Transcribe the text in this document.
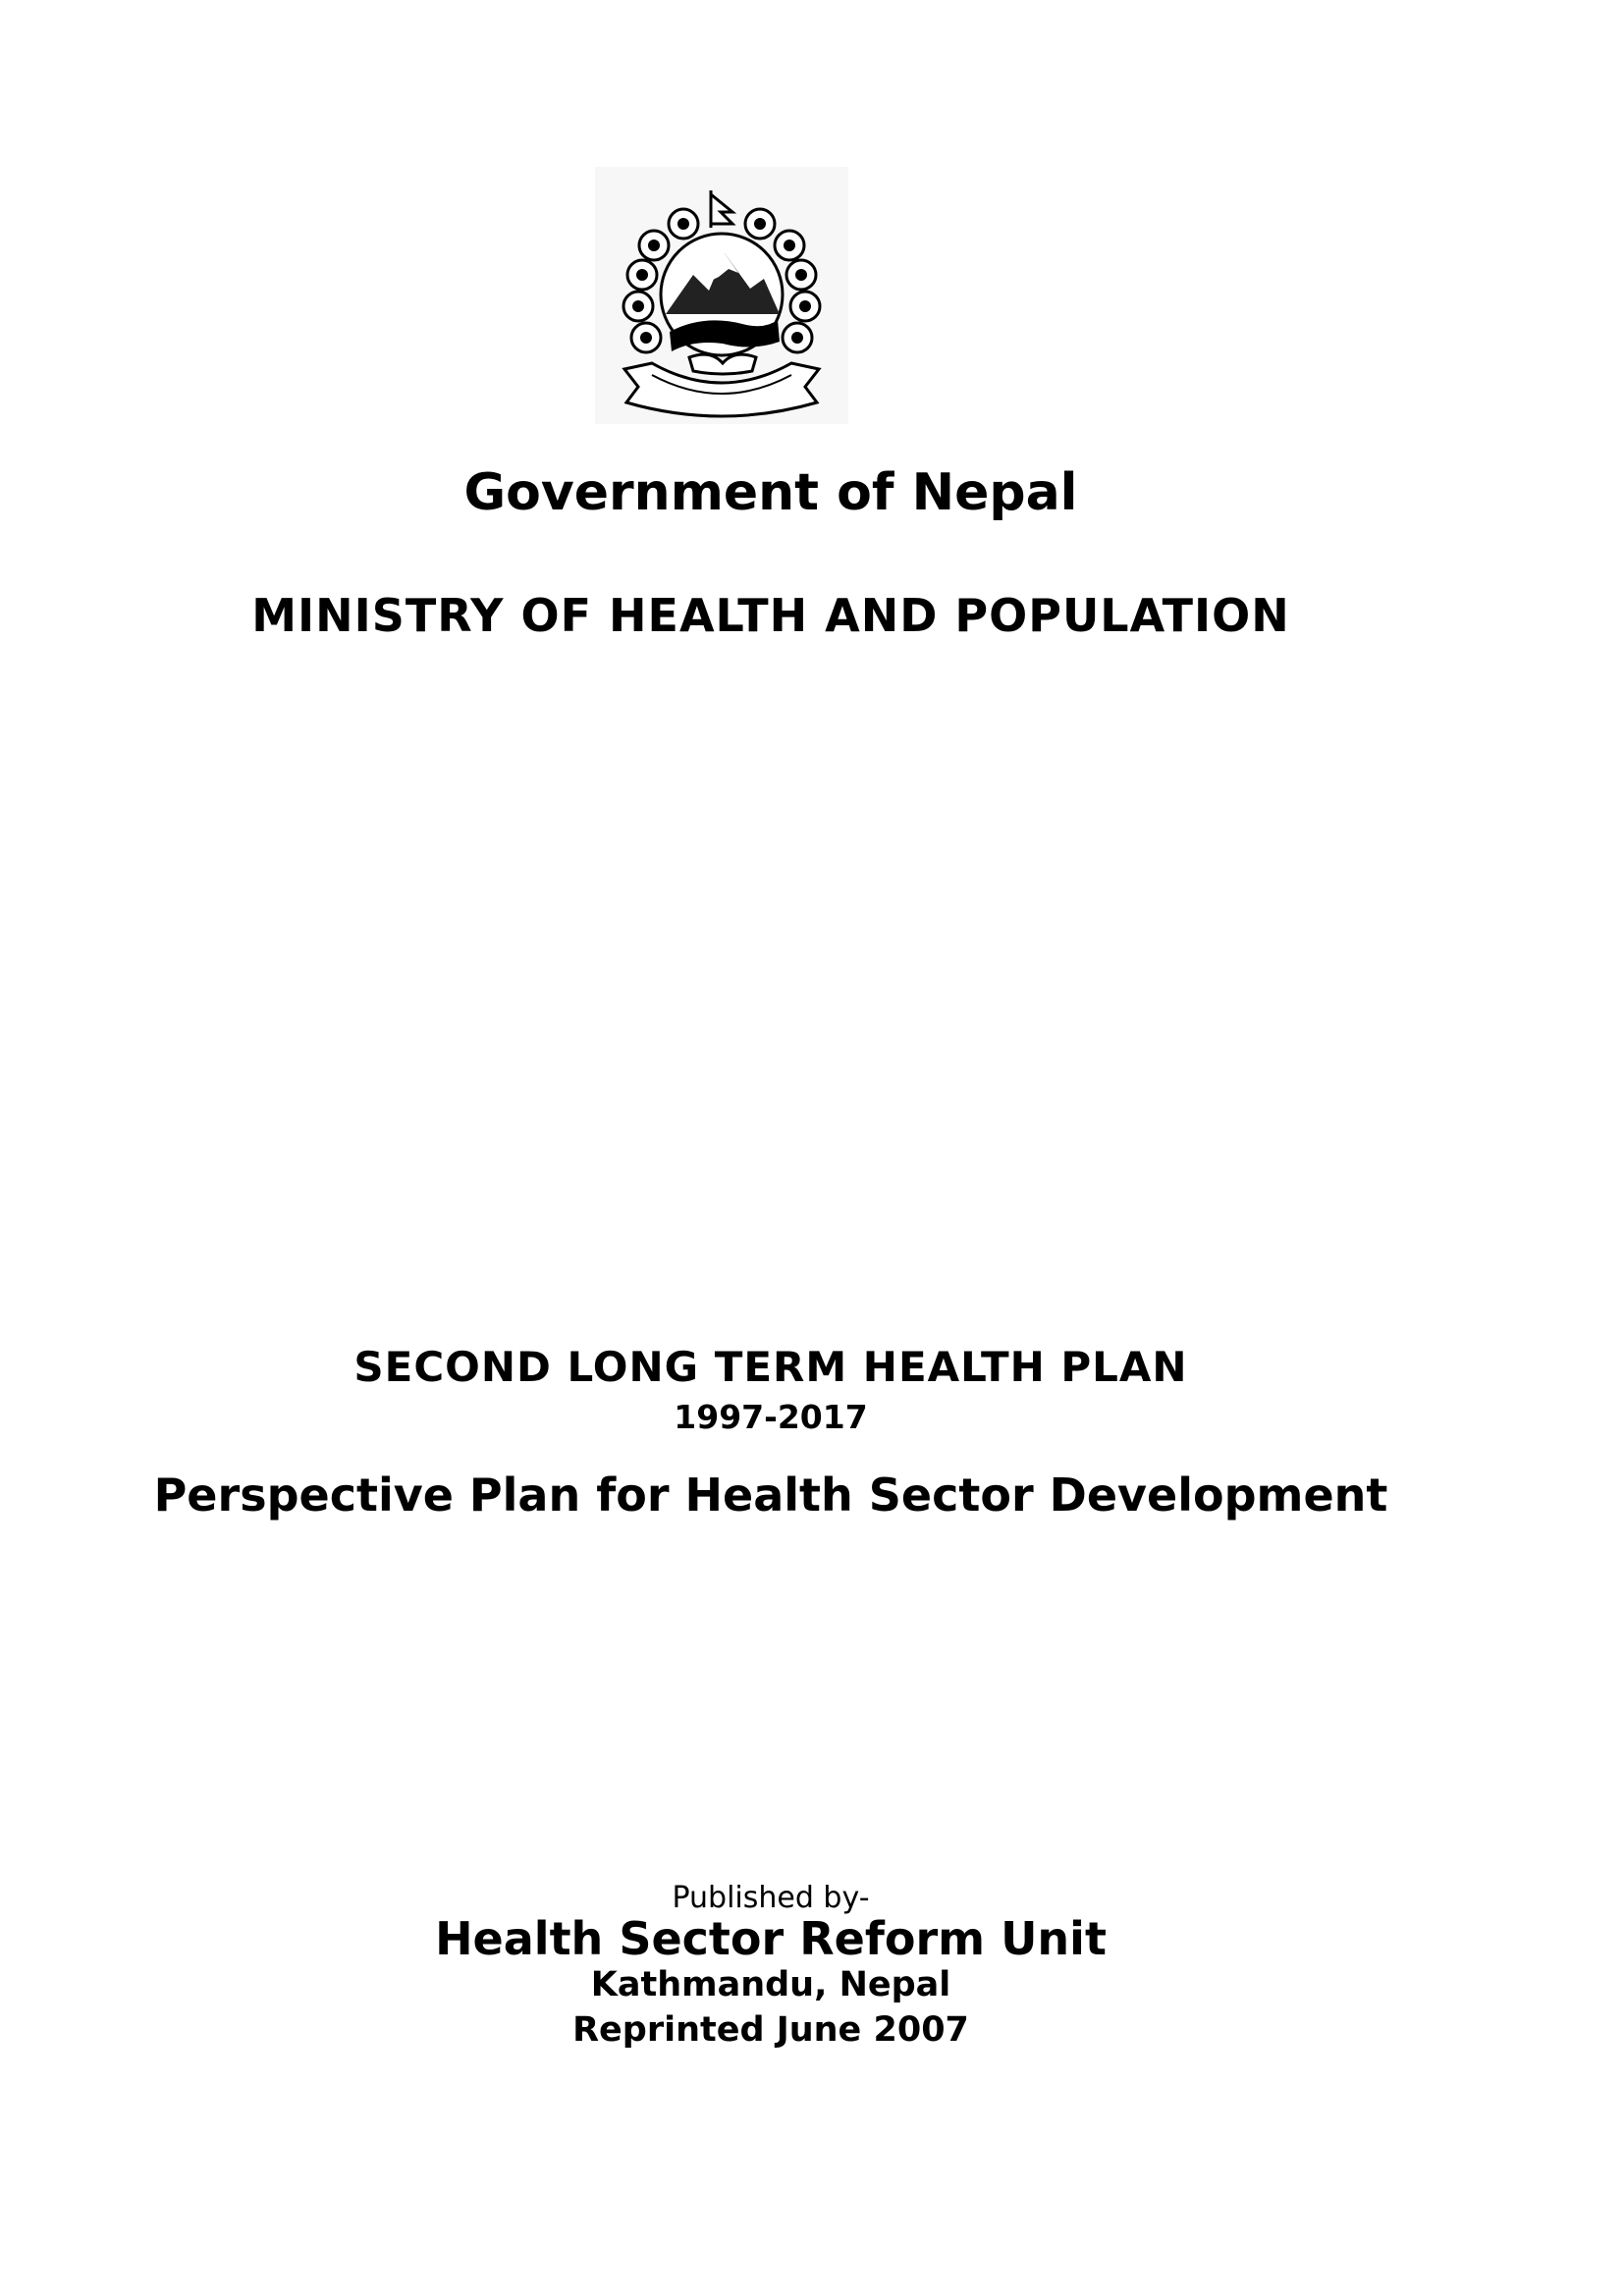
Government of Nepal
MINISTRY OF HEALTH AND POPULATION
SECOND LONG TERM HEALTH PLAN
1997-2017
Perspective Plan for Health Sector Development
Published by-
Health Sector Reform Unit
Kathmandu, Nepal
Reprinted June 2007
